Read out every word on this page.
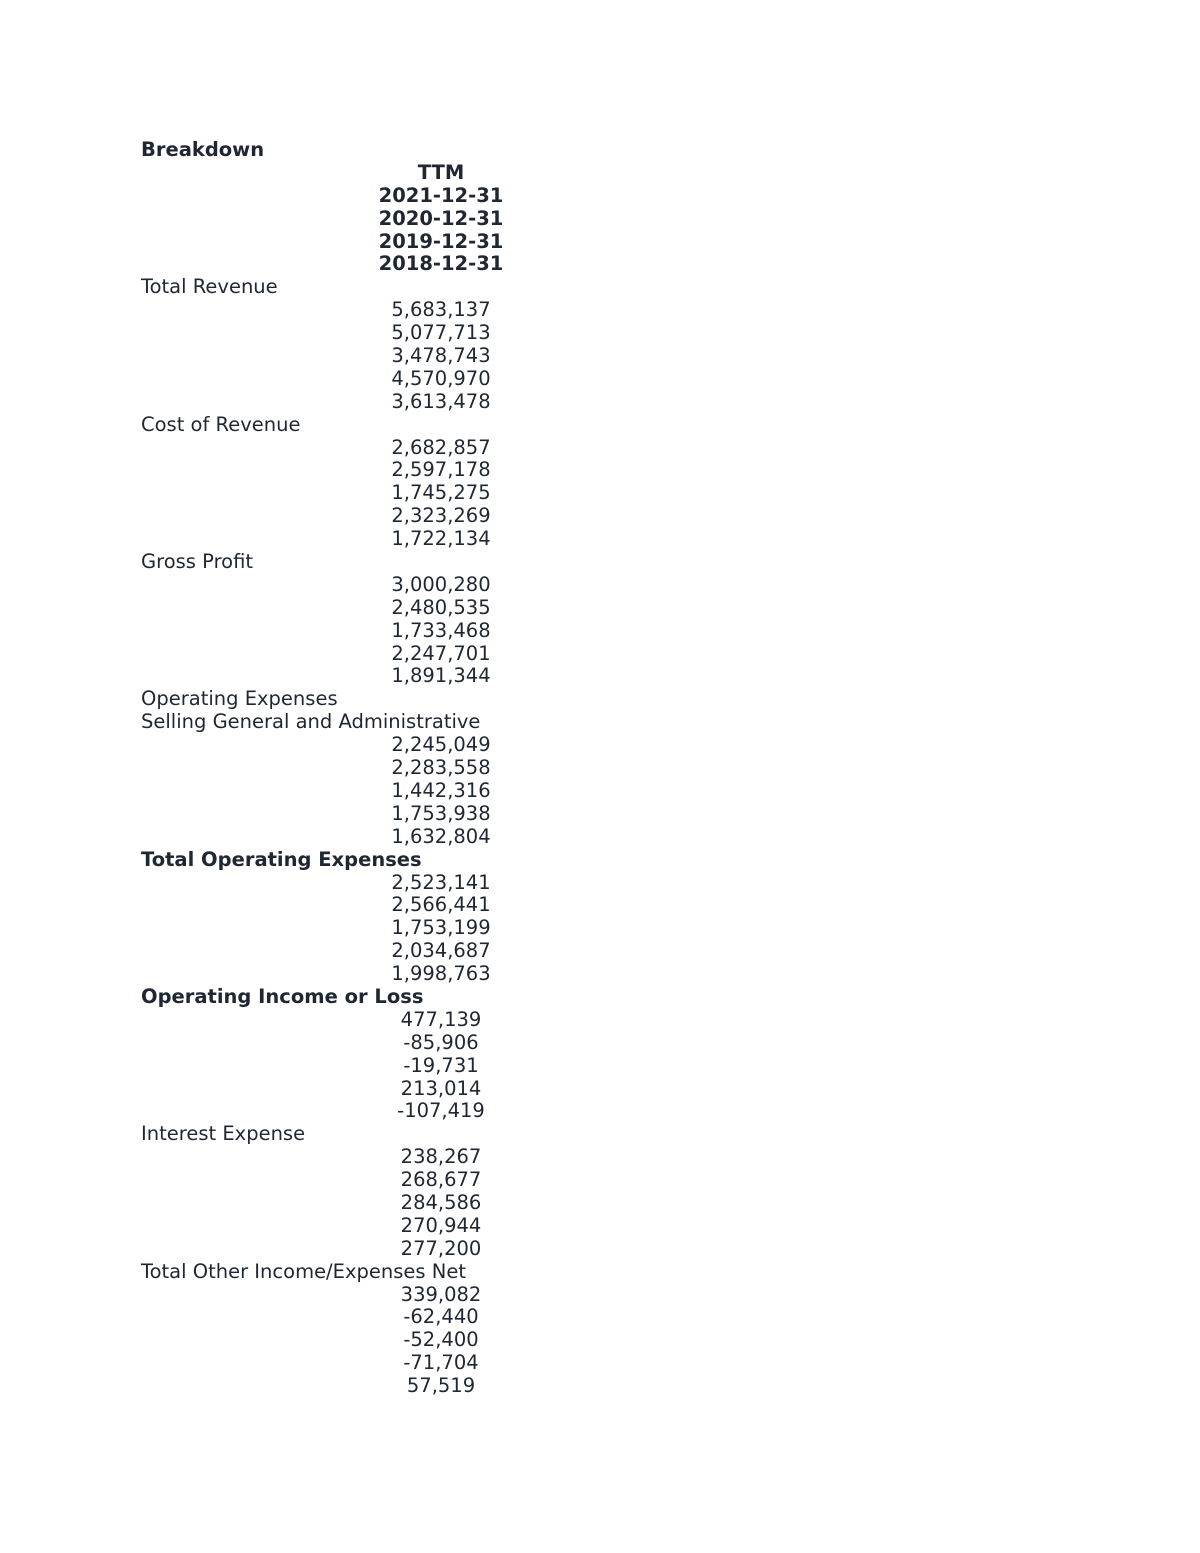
Breakdown
TTM
2021-12-31
2020-12-31
2019-12-31
2018-12-31
Total Revenue
5,683,137
5,077,713
3,478,743
4,570,970
3,613,478
Cost of Revenue
2,682,857
2,597,178
1,745,275
2,323,269
1,722,134
Gross Profit
3,000,280
2,480,535
1,733,468
2,247,701
1,891,344
Operating Expenses
Selling General and Administrative
2,245,049
2,283,558
1,442,316
1,753,938
1,632,804
Total Operating Expenses
2,523,141
2,566,441
1,753,199
2,034,687
1,998,763
Operating Income or Loss
477,139
-85,906
-19,731
213,014
-107,419
Interest Expense
238,267
268,677
284,586
270,944
277,200
Total Other Income/Expenses Net
339,082
-62,440
-52,400
-71,704
57,519
